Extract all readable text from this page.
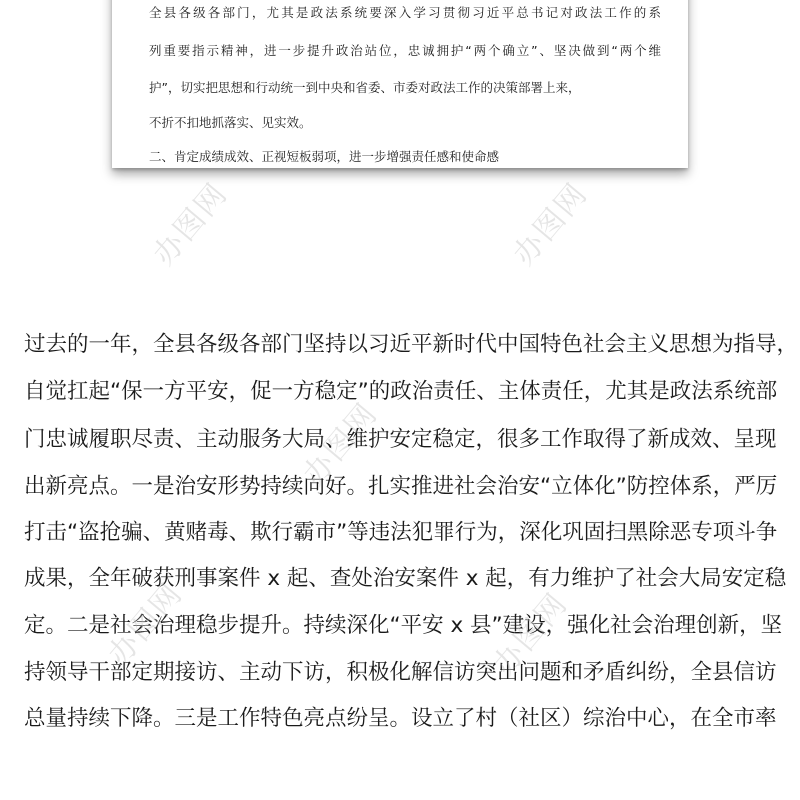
全县各级各部门，尤其是政法系统要深入学习贯彻习近平总书记对政法工作的系
列重要指示精神，进一步提升政治站位，忠诚拥护“两个确立”、坚决做到“两个维
护”，切实把思想和行动统一到中央和省委、市委对政法工作的决策部署上来，
不折不扣地抓落实、见实效。
二、肯定成绩成效、正视短板弱项，进一步增强责任感和使命感
过去的一年，全县各级各部门坚持以习近平新时代中国特色社会主义思想为指导，
自觉扛起“保一方平安，促一方稳定”的政治责任、主体责任，尤其是政法系统部
门忠诚履职尽责、主动服务大局、维护安定稳定，很多工作取得了新成效、呈现
出新亮点。一是治安形势持续向好。扎实推进社会治安“立体化”防控体系，严厉
打击“盗抢骗、黄赌毒、欺行霸市”等违法犯罪行为，深化巩固扫黑除恶专项斗争
成果，全年破获刑事案件 x 起、查处治安案件 x 起，有力维护了社会大局安定稳
定。二是社会治理稳步提升。持续深化“平安 x 县”建设，强化社会治理创新，坚
持领导干部定期接访、主动下访，积极化解信访突出问题和矛盾纠纷，全县信访
总量持续下降。三是工作特色亮点纷呈。设立了村（社区）综治中心，在全市率
办图网	办图网
办图网
办图网	办图网
